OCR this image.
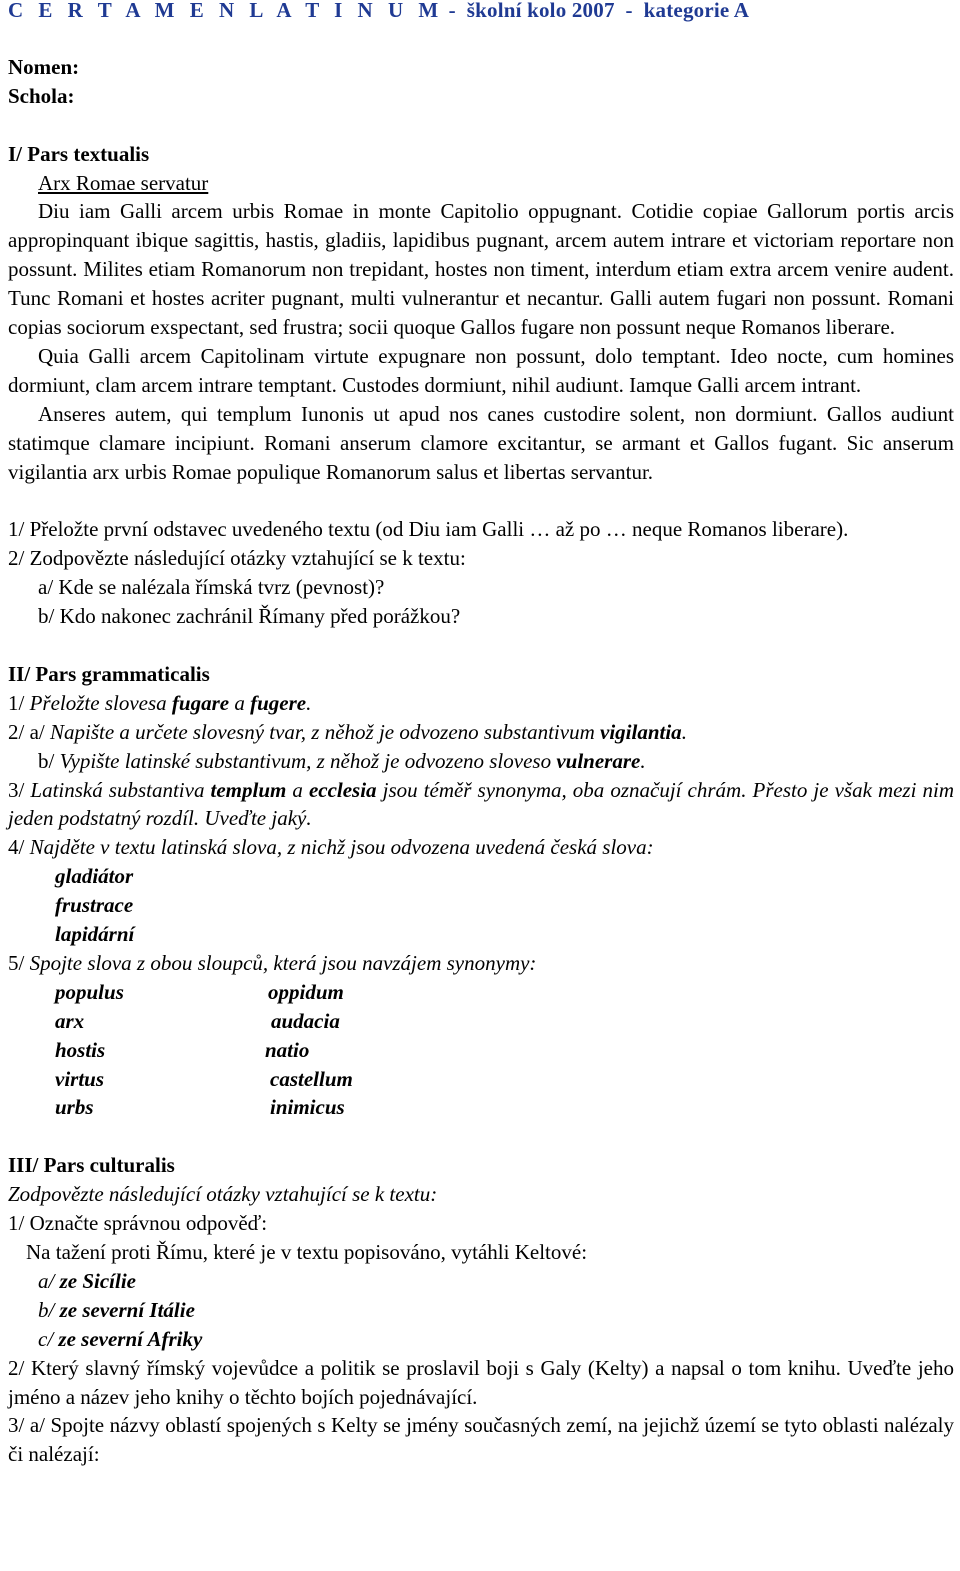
C E R T A M E N L A T I N U M -  školní kolo 2007  -  kategorie A

Nomen:

Schola:

I/ Pars textualis

Arx Romae servatur

Diu iam Galli arcem urbis Romae in monte Capitolio oppugnant. Cotidie copiae Gallorum portis arcis appropinquant ibique sagittis, hastis, gladiis, lapidibus pugnant, arcem autem intrare et victoriam reportare non possunt. Milites etiam Romanorum non trepidant, hostes non timent, interdum etiam extra arcem venire audent. Tunc Romani et hostes acriter pugnant, multi vulnerantur et necantur. Galli autem fugari non possunt. Romani copias sociorum exspectant, sed frustra; socii quoque Gallos fugare non possunt neque Romanos liberare.

Quia Galli arcem Capitolinam virtute expugnare non possunt, dolo temptant. Ideo nocte, cum homines dormiunt, clam arcem intrare temptant. Custodes dormiunt, nihil audiunt. Iamque Galli arcem intrant.

Anseres autem, qui templum Iunonis ut apud nos canes custodire solent, non dormiunt. Gallos audiunt statimque clamare incipiunt. Romani anserum clamore excitantur, se armant et Gallos fugant. Sic anserum vigilantia arx urbis Romae populique Romanorum salus et libertas servantur.

1/ Přeložte první odstavec uvedeného textu (od Diu iam Galli … až po … neque Romanos liberare).

2/ Zodpovězte následující otázky vztahující se k textu:

a/ Kde se nalézala římská tvrz (pevnost)?

b/ Kdo nakonec zachránil Římany před porážkou?

II/ Pars grammaticalis

1/ Přeložte slovesa fugare a fugere.

2/ a/ Napište a určete slovesný tvar, z něhož je odvozeno substantivum vigilantia.

b/ Vypište latinské substantivum, z něhož je odvozeno sloveso vulnerare.

3/ Latinská substantiva templum a ecclesia jsou téměř synonyma, oba označují chrám. Přesto je však mezi nim jeden podstatný rozdíl. Uveďte jaký.

4/ Najděte v textu latinská slova, z nichž jsou odvozena uvedená česká slova:

gladiátor

frustrace

lapidární

5/ Spojte slova z obou sloupců, která jsou navzájem synonymy:

populus	oppidum

arx	audacia

hostis	natio

virtus	castellum

urbs	inimicus

III/ Pars culturalis

Zodpovězte následující otázky vztahující se k textu:

1/ Označte správnou odpověď:

Na tažení proti Římu, které je v textu popisováno, vytáhli Keltové:

a/ ze Sicílie

b/ ze severní Itálie

c/ ze severní Afriky

2/ Který slavný římský vojevůdce a politik se proslavil boji s Galy (Kelty) a napsal o tom knihu. Uveďte jeho jméno a název jeho knihy o těchto bojích pojednávající.

3/ a/ Spojte názvy oblastí spojených s Kelty se jmény současných zemí, na jejichž území se tyto oblasti nalézaly či nalézají:
